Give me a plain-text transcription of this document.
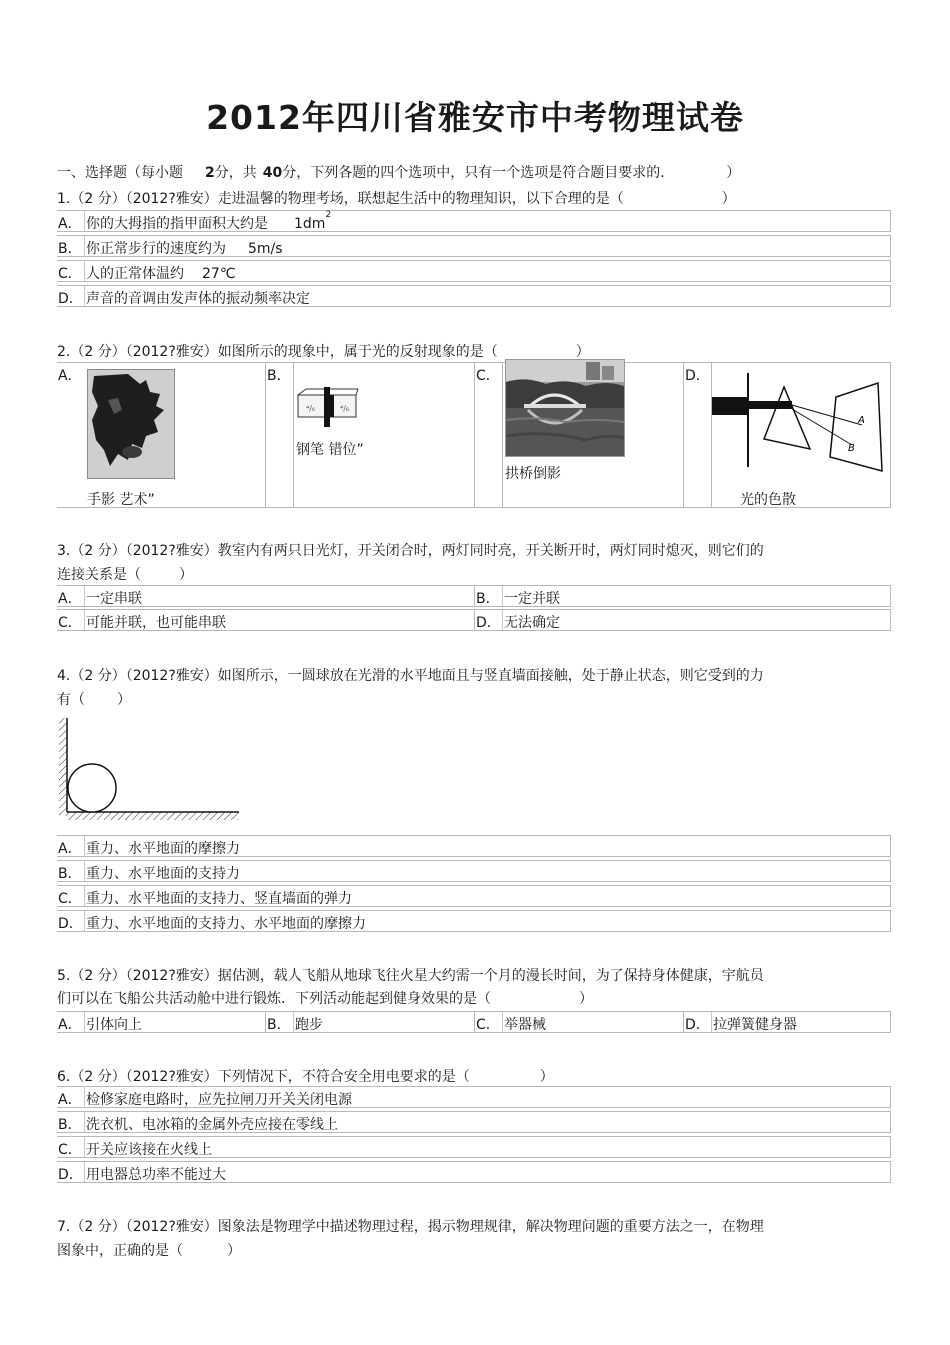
2012年四川省雅安市中考物理试卷
一、选择题（每小题 2分，共 40分，下列各题的四个选项中，只有一个选项是符合题目要求的．	）
1.（2 分）（2012?雅安）走进温馨的物理考场，联想起生活中的物理知识，以下合理的是（	）
A． 你的大拇指的指甲面积大约是 $1dm^2$
B． 你正常步行的速度约为 5m/s
C． 人的正常体温约 27℃
D． 声音的音调由发声体的振动频率决定
2.（2 分）（2012?雅安）如图所示的现象中，属于光的反射现象的是（	）
A．
手影 艺术”
B．
⁴/₆	⁴/₆
钢笔 错位”
C．
拱桥倒影
D．
A
B
光的色散
3.（2 分）（2012?雅安）教室内有两只日光灯，开关闭合时，两灯同时亮，开关断开时，两灯同时熄灭，则它们的
连接关系是（	）
A． 一定串联	B． 一定并联
C． 可能并联，也可能串联	D． 无法确定
4.（2 分）（2012?雅安）如图所示，一圆球放在光滑的水平地面且与竖直墙面接触，处于静止状态，则它受到的力
有（ ）
A． 重力、水平地面的摩擦力
B． 重力、水平地面的支持力
C． 重力、水平地面的支持力、竖直墙面的弹力
D． 重力、水平地面的支持力、水平地面的摩擦力
5.（2 分）（2012?雅安）据估测，载人飞船从地球飞往火星大约需一个月的漫长时间，为了保持身体健康，宇航员
们可以在飞船公共活动舱中进行锻炼．下列活动能起到健身效果的是（	）
A． 引体向上	B． 跑步	C． 举器械	D． 拉弹簧健身器
6.（2 分）（2012?雅安）下列情况下，不符合安全用电要求的是（	）
A． 检修家庭电路时，应先拉闸刀开关关闭电源
B． 洗衣机、电冰箱的金属外壳应接在零线上
C． 开关应该接在火线上
D． 用电器总功率不能过大
7.（2 分）（2012?雅安）图象法是物理学中描述物理过程，揭示物理规律，解决物理问题的重要方法之一，在物理
图象中，正确的是（	）
